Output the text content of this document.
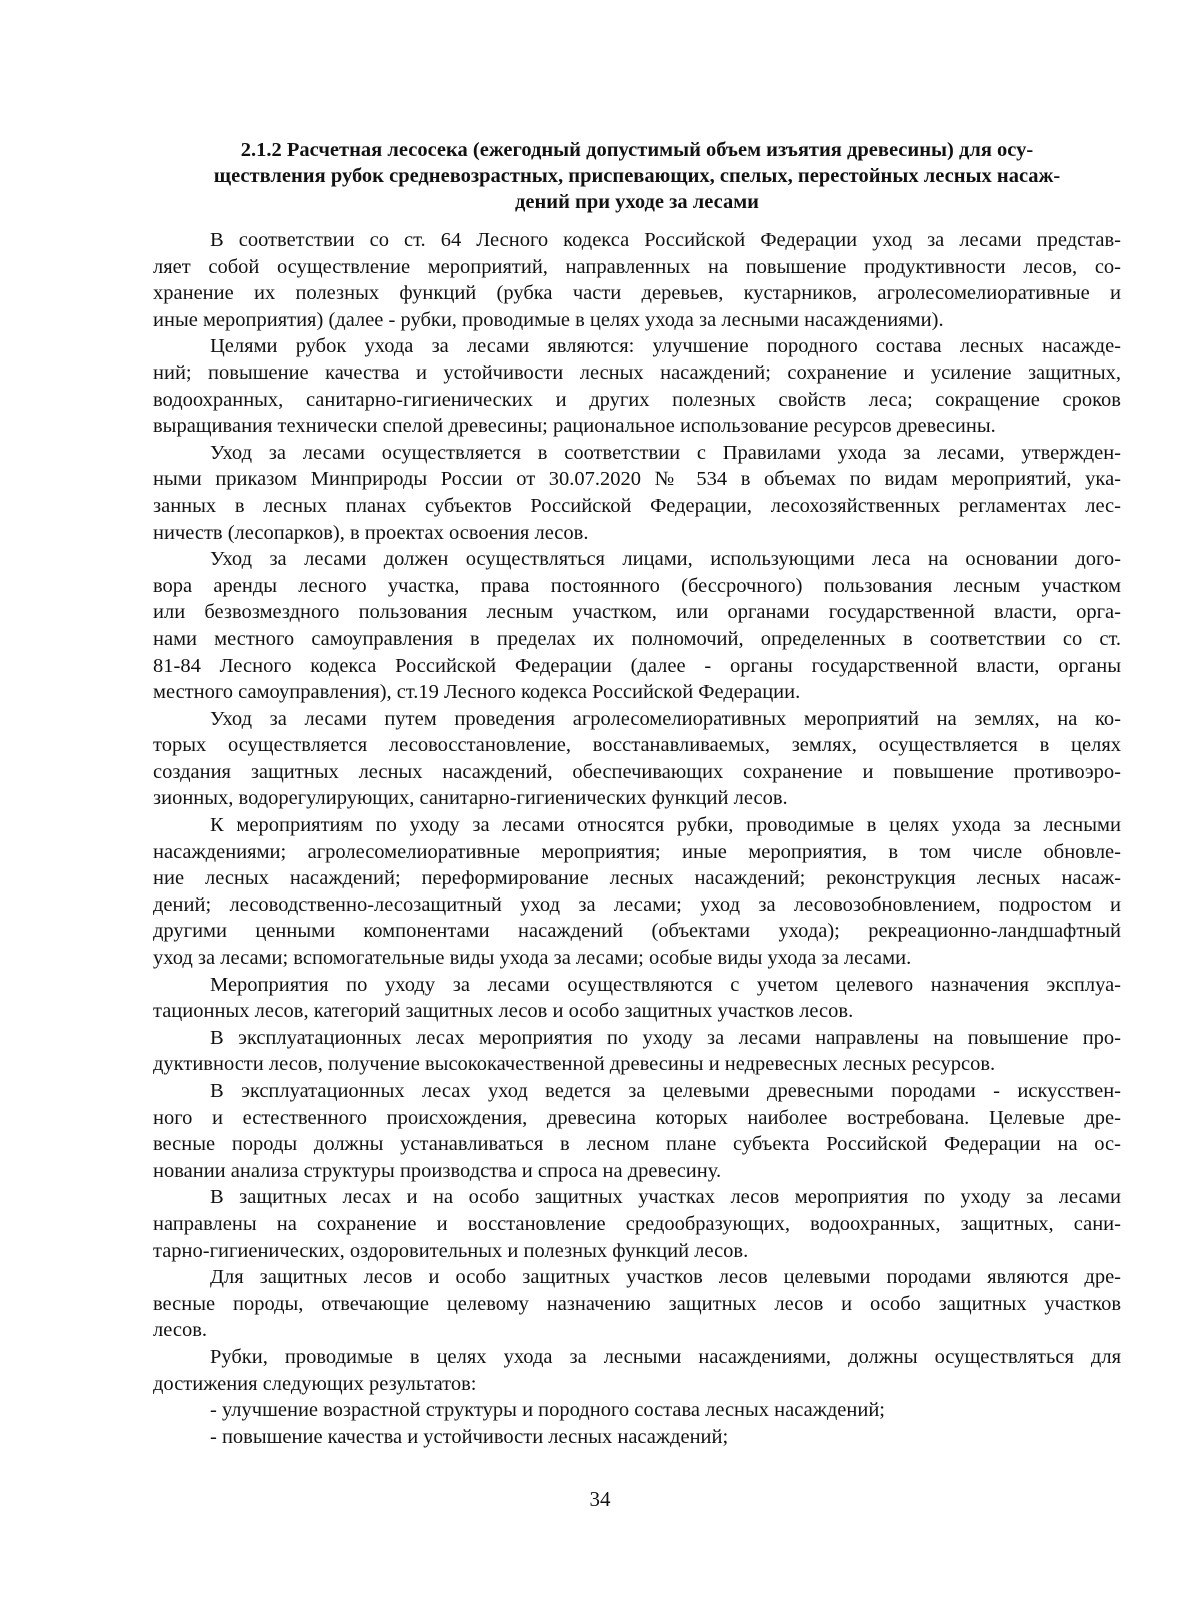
2.1.2 Расчетная лесосека (ежегодный допустимый объем изъятия древесины) для осу-
ществления рубок средневозрастных, приспевающих, спелых, перестойных лесных насаж-
дений при уходе за лесами

В соответствии со ст. 64 Лесного кодекса Российской Федерации уход за лесами представ-
ляет собой осуществление мероприятий, направленных на повышение продуктивности лесов, со-
хранение их полезных функций (рубка части деревьев, кустарников, агролесомелиоративные и
иные мероприятия) (далее - рубки, проводимые в целях ухода за лесными насаждениями).

Целями рубок ухода за лесами являются: улучшение породного состава лесных насажде-
ний; повышение качества и устойчивости лесных насаждений; сохранение и усиление защитных,
водоохранных, санитарно-гигиенических и других полезных свойств леса; сокращение сроков
выращивания технически спелой древесины; рациональное использование ресурсов древесины.

Уход за лесами осуществляется в соответствии с Правилами ухода за лесами, утвержден-
ными приказом Минприроды России от 30.07.2020 № 534 в объемах по видам мероприятий, ука-
занных в лесных планах субъектов Российской Федерации, лесохозяйственных регламентах лес-
ничеств (лесопарков), в проектах освоения лесов.

Уход за лесами должен осуществляться лицами, использующими леса на основании дого-
вора аренды лесного участка, права постоянного (бессрочного) пользования лесным участком
или безвозмездного пользования лесным участком, или органами государственной власти, орга-
нами местного самоуправления в пределах их полномочий, определенных в соответствии со ст.
81-84 Лесного кодекса Российской Федерации (далее - органы государственной власти, органы
местного самоуправления), ст.19 Лесного кодекса Российской Федерации.

Уход за лесами путем проведения агролесомелиоративных мероприятий на землях, на ко-
торых осуществляется лесовосстановление, восстанавливаемых, землях, осуществляется в целях
создания защитных лесных насаждений, обеспечивающих сохранение и повышение противоэро-
зионных, водорегулирующих, санитарно-гигиенических функций лесов.

К мероприятиям по уходу за лесами относятся рубки, проводимые в целях ухода за лесными
насаждениями; агролесомелиоративные мероприятия; иные мероприятия, в том числе обновле-
ние лесных насаждений; переформирование лесных насаждений; реконструкция лесных насаж-
дений; лесоводственно-лесозащитный уход за лесами; уход за лесовозобновлением, подростом и
другими ценными компонентами насаждений (объектами ухода); рекреационно-ландшафтный
уход за лесами; вспомогательные виды ухода за лесами; особые виды ухода за лесами.

Мероприятия по уходу за лесами осуществляются с учетом целевого назначения эксплуа-
тационных лесов, категорий защитных лесов и особо защитных участков лесов.

В эксплуатационных лесах мероприятия по уходу за лесами направлены на повышение про-
дуктивности лесов, получение высококачественной древесины и недревесных лесных ресурсов.

В эксплуатационных лесах уход ведется за целевыми древесными породами - искусствен-
ного и естественного происхождения, древесина которых наиболее востребована. Целевые дре-
весные породы должны устанавливаться в лесном плане субъекта Российской Федерации на ос-
новании анализа структуры производства и спроса на древесину.

В защитных лесах и на особо защитных участках лесов мероприятия по уходу за лесами
направлены на сохранение и восстановление средообразующих, водоохранных, защитных, сани-
тарно-гигиенических, оздоровительных и полезных функций лесов.

Для защитных лесов и особо защитных участков лесов целевыми породами являются дре-
весные породы, отвечающие целевому назначению защитных лесов и особо защитных участков
лесов.

Рубки, проводимые в целях ухода за лесными насаждениями, должны осуществляться для
достижения следующих результатов:

- улучшение возрастной структуры и породного состава лесных насаждений;

- повышение качества и устойчивости лесных насаждений;

34
